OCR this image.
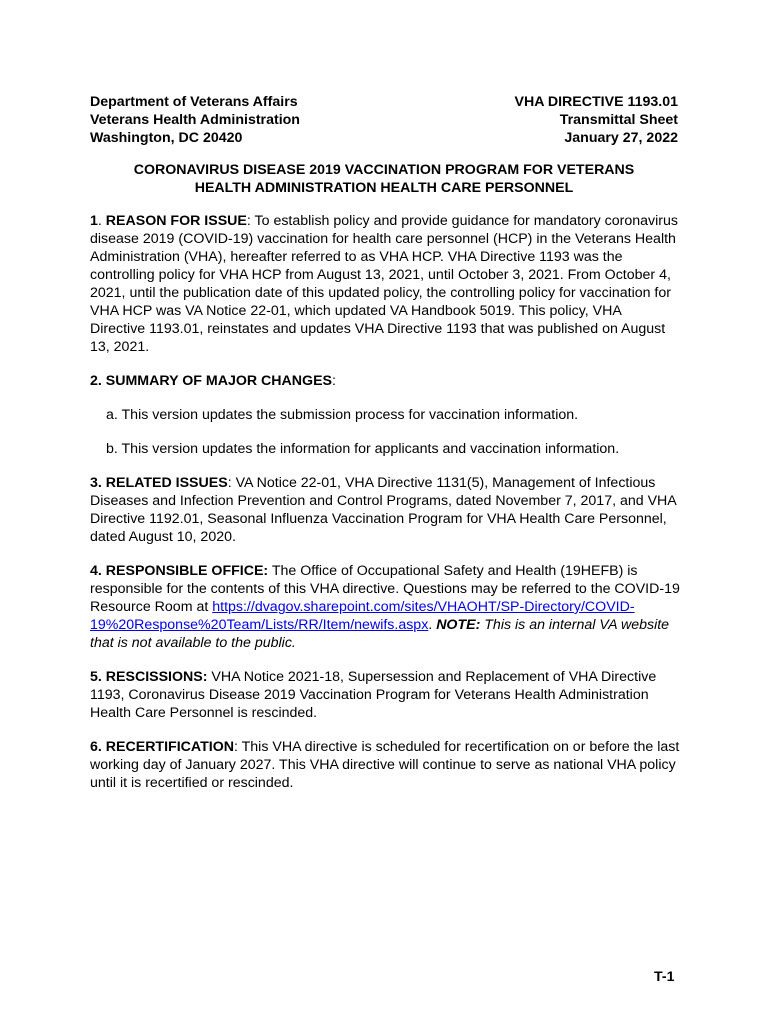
Department of Veterans Affairs	VHA DIRECTIVE 1193.01
Veterans Health Administration	Transmittal Sheet
Washington, DC 20420	January 27, 2022
CORONAVIRUS DISEASE 2019 VACCINATION PROGRAM FOR VETERANS
HEALTH ADMINISTRATION HEALTH CARE PERSONNEL

1. REASON FOR ISSUE: To establish policy and provide guidance for mandatory coronavirus disease 2019 (COVID-19) vaccination for health care personnel (HCP) in the Veterans Health Administration (VHA), hereafter referred to as VHA HCP. VHA Directive 1193 was the controlling policy for VHA HCP from August 13, 2021, until October 3, 2021. From October 4, 2021, until the publication date of this updated policy, the controlling policy for vaccination for VHA HCP was VA Notice 22-01, which updated VA Handbook 5019. This policy, VHA Directive 1193.01, reinstates and updates VHA Directive 1193 that was published on August 13, 2021.

2. SUMMARY OF MAJOR CHANGES:

a. This version updates the submission process for vaccination information.

b. This version updates the information for applicants and vaccination information.

3. RELATED ISSUES: VA Notice 22-01, VHA Directive 1131(5), Management of Infectious Diseases and Infection Prevention and Control Programs, dated November 7, 2017, and VHA Directive 1192.01, Seasonal Influenza Vaccination Program for VHA Health Care Personnel, dated August 10, 2020.

4. RESPONSIBLE OFFICE: The Office of Occupational Safety and Health (19HEFB) is responsible for the contents of this VHA directive. Questions may be referred to the COVID-19 Resource Room at https://dvagov.sharepoint.com/sites/VHAOHT/SP-Directory/COVID-19%20Response%20Team/Lists/RR/Item/newifs.aspx. NOTE: This is an internal VA website that is not available to the public.

5. RESCISSIONS: VHA Notice 2021-18, Supersession and Replacement of VHA Directive 1193, Coronavirus Disease 2019 Vaccination Program for Veterans Health Administration Health Care Personnel is rescinded.

6. RECERTIFICATION: This VHA directive is scheduled for recertification on or before the last working day of January 2027. This VHA directive will continue to serve as national VHA policy until it is recertified or rescinded.

T-1
